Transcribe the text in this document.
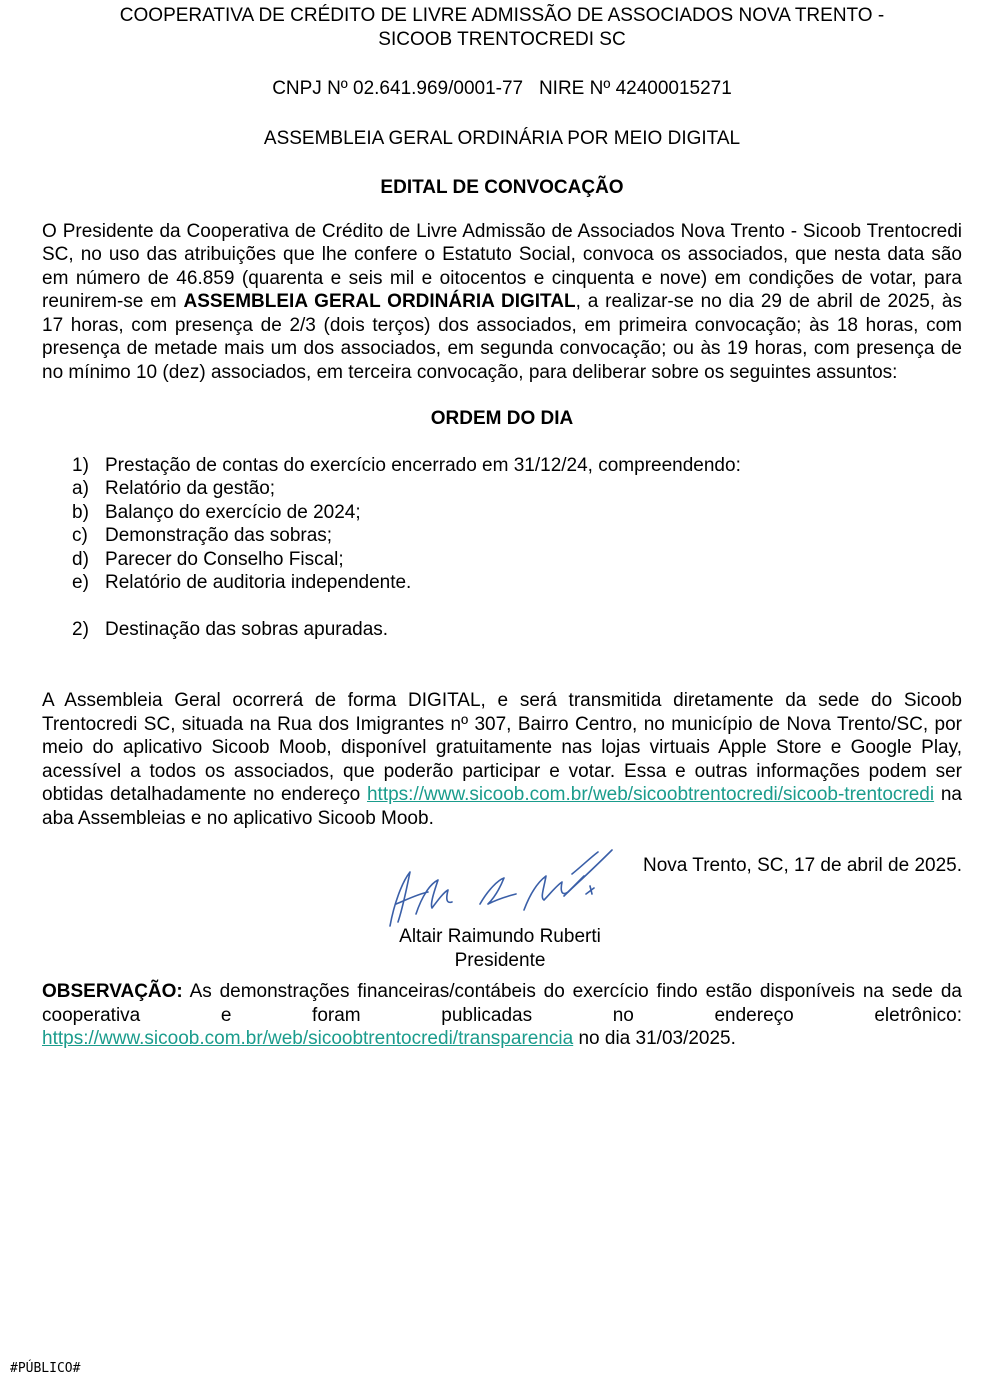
COOPERATIVA DE CRÉDITO DE LIVRE ADMISSÃO DE ASSOCIADOS NOVA TRENTO -

SICOOB TRENTOCREDI SC

CNPJ Nº 02.641.969/0001-77   NIRE Nº 42400015271

ASSEMBLEIA GERAL ORDINÁRIA POR MEIO DIGITAL

EDITAL DE CONVOCAÇÃO

O Presidente da Cooperativa de Crédito de Livre Admissão de Associados Nova Trento - Sicoob Trentocredi SC, no uso das atribuições que lhe confere o Estatuto Social, convoca os associados, que nesta data são em número de 46.859 (quarenta e seis mil e oitocentos e cinquenta e nove) em condições de votar, para reunirem-se em ASSEMBLEIA GERAL ORDINÁRIA DIGITAL, a realizar-se no dia 29 de abril de 2025, às 17 horas, com presença de 2/3 (dois terços) dos associados, em primeira convocação; às 18 horas, com presença de metade mais um dos associados, em segunda convocação; ou às 19 horas, com presença de no mínimo 10 (dez) associados, em terceira convocação, para deliberar sobre os seguintes assuntos:

ORDEM DO DIA

1) Prestação de contas do exercício encerrado em 31/12/24, compreendendo:
a) Relatório da gestão;
b) Balanço do exercício de 2024;
c) Demonstração das sobras;
d) Parecer do Conselho Fiscal;
e) Relatório de auditoria independente.
2) Destinação das sobras apuradas.

A Assembleia Geral ocorrerá de forma DIGITAL, e será transmitida diretamente da sede do Sicoob Trentocredi SC, situada na Rua dos Imigrantes nº 307, Bairro Centro, no município de Nova Trento/SC, por meio do aplicativo Sicoob Moob, disponível gratuitamente nas lojas virtuais Apple Store e Google Play, acessível a todos os associados, que poderão participar e votar. Essa e outras informações podem ser obtidas detalhadamente no endereço https://www.sicoob.com.br/web/sicoobtrentocredi/sicoob-trentocredi na aba Assembleias e no aplicativo Sicoob Moob.

Nova Trento, SC, 17 de abril de 2025.

Altair Raimundo Ruberti

Presidente

OBSERVAÇÃO: As demonstrações financeiras/contábeis do exercício findo estão disponíveis na sede da cooperativa e foram publicadas no endereço eletrônico: https://www.sicoob.com.br/web/sicoobtrentocredi/transparencia no dia 31/03/2025.

#PÚBLICO#
